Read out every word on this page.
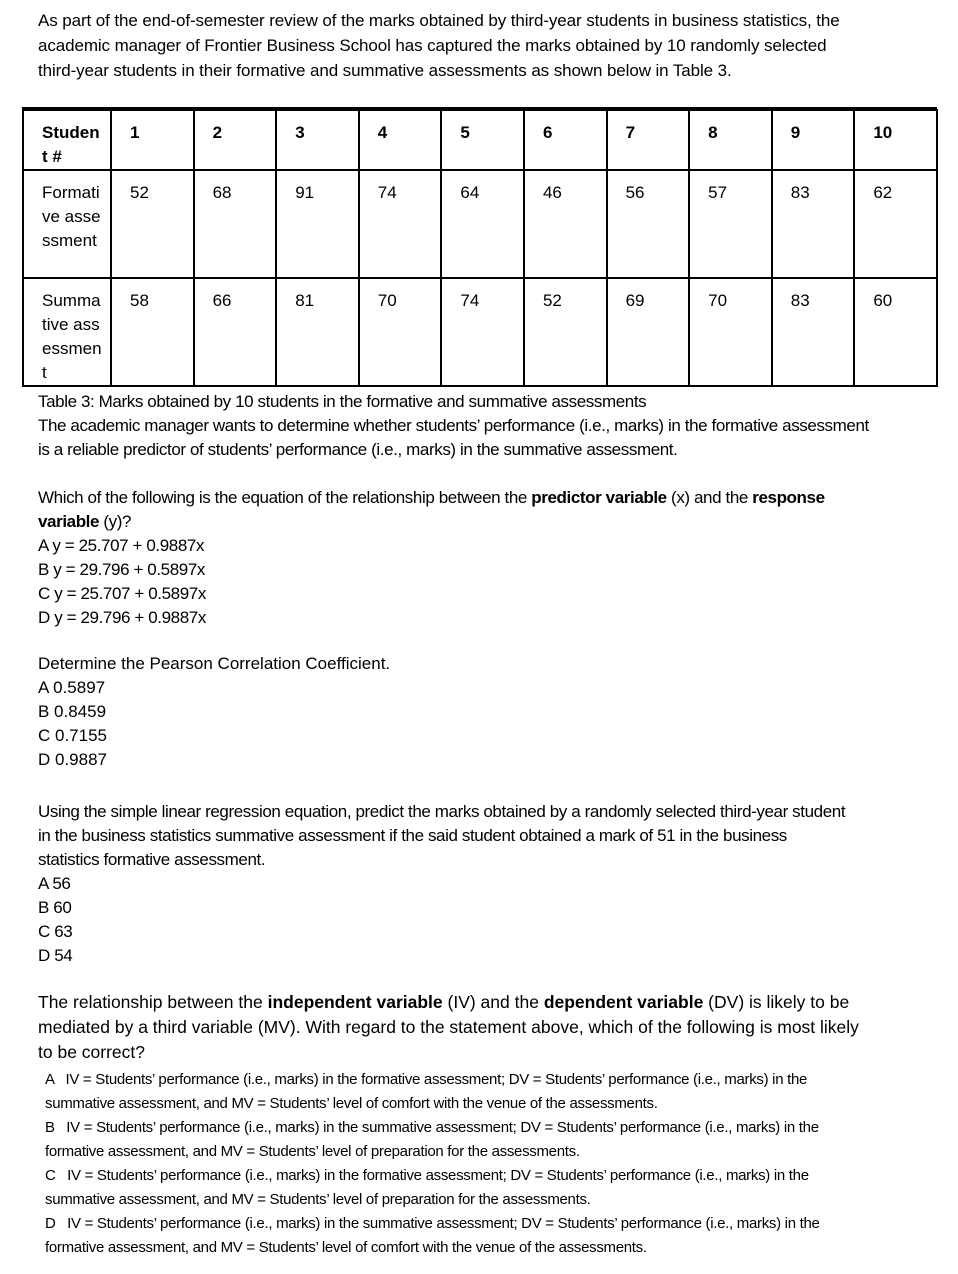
As part of the end-of-semester review of the marks obtained by third-year students in business statistics, the academic manager of Frontier Business School has captured the marks obtained by 10 randomly selected third-year students in their formative and summative assessments as shown below in Table 3.
Student #	1	2	3	4	5	6	7	8	9	10
Formative assessment	52	68	91	74	64	46	56	57	83	62
Summative assessment	58	66	81	70	74	52	69	70	83	60
Table 3: Marks obtained by 10 students in the formative and summative assessments
The academic manager wants to determine whether students’ performance (i.e., marks) in the formative assessment is a reliable predictor of students’ performance (i.e., marks) in the summative assessment.
Which of the following is the equation of the relationship between the predictor variable (x) and the response variable (y)?
A y = 25.707 + 0.9887x
B y = 29.796 + 0.5897x
C y = 25.707 + 0.5897x
D y = 29.796 + 0.9887x
Determine the Pearson Correlation Coefficient.
A 0.5897
B 0.8459
C 0.7155
D 0.9887
Using the simple linear regression equation, predict the marks obtained by a randomly selected third-year student in the business statistics summative assessment if the said student obtained a mark of 51 in the business statistics formative assessment.
A 56
B 60
C 63
D 54
The relationship between the independent variable (IV) and the dependent variable (DV) is likely to be mediated by a third variable (MV). With regard to the statement above, which of the following is most likely to be correct?
A   IV = Students’ performance (i.e., marks) in the formative assessment; DV = Students’ performance (i.e., marks) in the summative assessment, and MV = Students’ level of comfort with the venue of the assessments.
B   IV = Students’ performance (i.e., marks) in the summative assessment; DV = Students’ performance (i.e., marks) in the formative assessment, and MV = Students’ level of preparation for the assessments.
C   IV = Students’ performance (i.e., marks) in the formative assessment; DV = Students’ performance (i.e., marks) in the summative assessment, and MV = Students’ level of preparation for the assessments.
D   IV = Students’ performance (i.e., marks) in the summative assessment; DV = Students’ performance (i.e., marks) in the formative assessment, and MV = Students’ level of comfort with the venue of the assessments.
